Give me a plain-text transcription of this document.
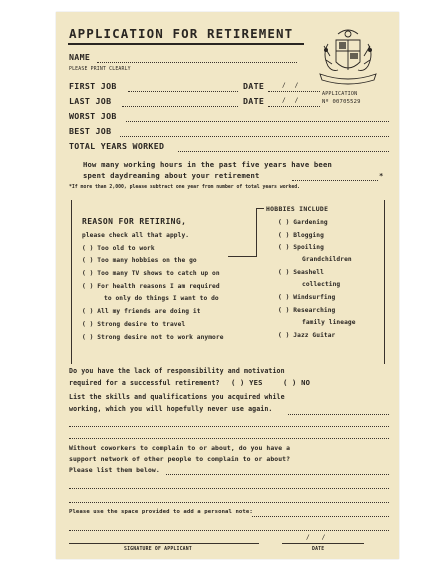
APPLICATION FOR RETIREMENT
APPLICATION
Nº 00705529
NAME
PLEASE PRINT CLEARLY
FIRST JOB	DATE	/ /
LAST JOB	DATE	/ /
WORST JOB
BEST JOB
TOTAL YEARS WORKED
How many working hours in the past five years have been
spent daydreaming about your retirement	*
*If more than 2,000, please subtract one year from number of total years worked.
REASON FOR RETIRING,
please check all that apply.
( ) Too old to work
( ) Too many hobbies on the go
( ) Too many TV shows to catch up on
( ) For health reasons I am required
to only do things I want to do
( ) All my friends are doing it
( ) Strong desire to travel
( ) Strong desire not to work anymore
HOBBIES INCLUDE
( ) Gardening
( ) Blogging
( ) Spoiling
Grandchildren
( ) Seashell
collecting
( ) Windsurfing
( ) Researching
family lineage
( ) Jazz Guitar
Do you have the lack of responsibility and motivation
required for a successful retirement? ( ) YES	( ) NO
List the skills and qualifications you acquired while
working, which you will hopefully never use again.
Without coworkers to complain to or about, do you have a
support network of other people to complain to or about?
Please list them below.
Please use the space provided to add a personal note:
SIGNATURE OF APPLICANT
/ /
DATE
